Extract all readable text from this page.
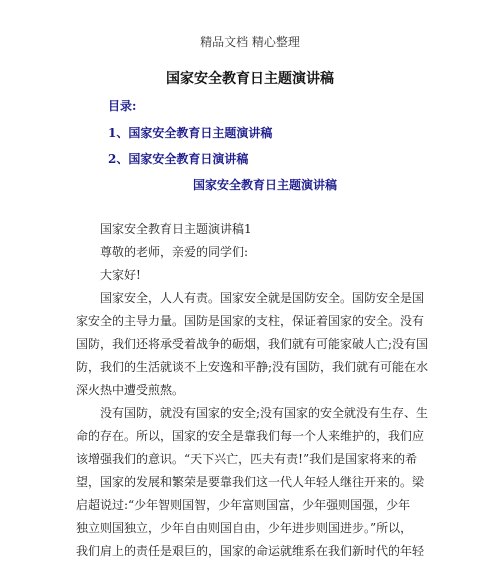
精品文档 精心整理
国家安全教育日主题演讲稿
目录:
1、国家安全教育日主题演讲稿
2、国家安全教育日演讲稿
国家安全教育日主题演讲稿
国家安全教育日主题演讲稿1
尊敬的老师，亲爱的同学们:
大家好!
国家安全，人人有责。国家安全就是国防安全。国防安全是国
家安全的主导力量。国防是国家的支柱，保证着国家的安全。没有
国防，我们还将承受着战争的砺烟，我们就有可能家破人亡;没有国
防，我们的生活就谈不上安逸和平静;没有国防，我们就有可能在水
深火热中遭受煎熬。
没有国防，就没有国家的安全;没有国家的安全就没有生存、生
命的存在。所以，国家的安全是靠我们每一个人来维护的，我们应
该增强我们的意识。“天下兴亡，匹夫有责!”我们是国家将来的希
望，国家的发展和繁荣是要靠我们这一代人年轻人继往开来的。梁
启超说过:“少年智则国智，少年富则国富，少年强则国强，少年
独立则国独立，少年自由则国自由，少年进步则国进步。”所以，
我们肩上的责任是艰巨的，国家的命运就维系在我们新时代的年轻
